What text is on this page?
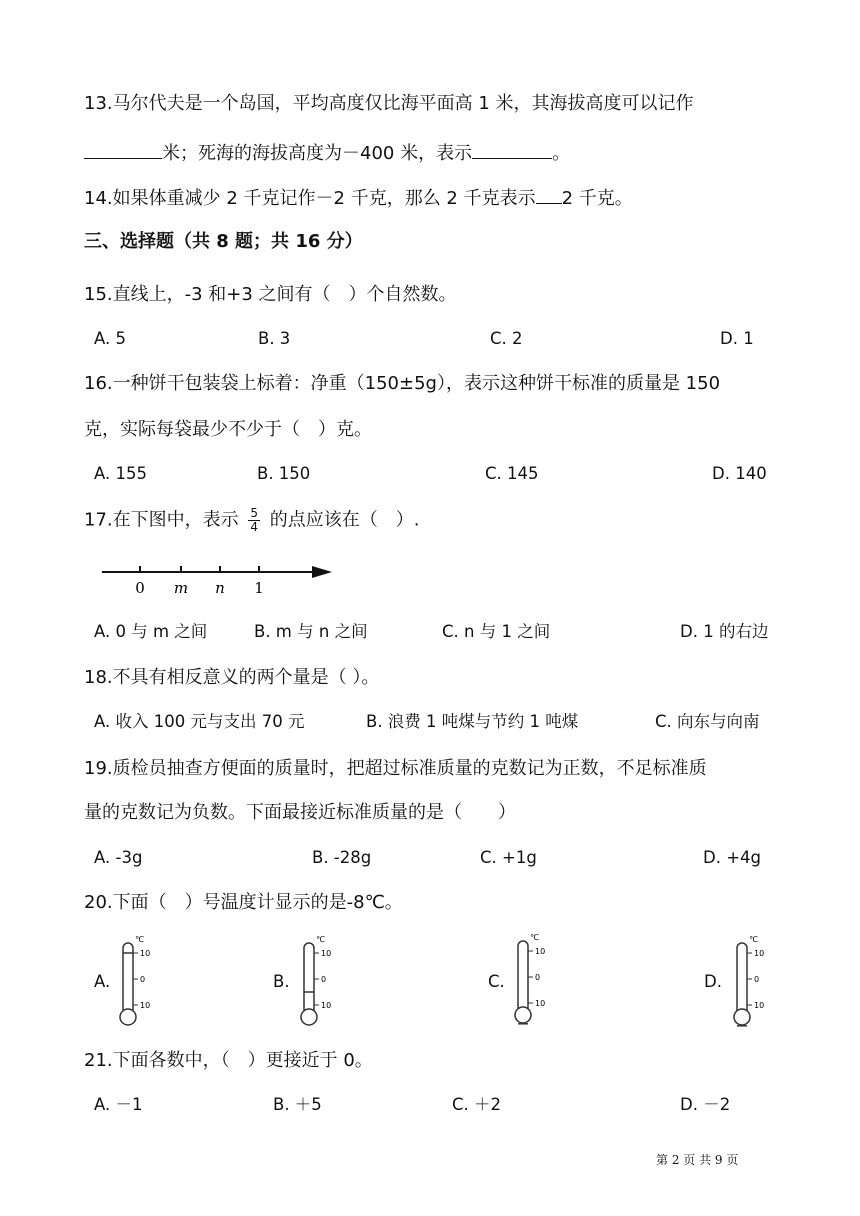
13.马尔代夫是一个岛国，平均高度仅比海平面高 1 米，其海拔高度可以记作
米；死海的海拔高度为－400 米，表示	。
14.如果体重减少 2 千克记作－2 千克，那么 2 千克表示 2 千克。
三、选择题（共 8 题；共 16 分）
15.直线上，-3 和+3 之间有（　）个自然数。
A. 5	B. 3	C. 2	D. 1
16.一种饼干包装袋上标着：净重（150±5g），表示这种饼干标准的质量是 150
克，实际每袋最少不少于（　）克。
A. 155	B. 150	C. 145	D. 140
17.在下图中，表示 $\frac{5}{4}$ 的点应该在（　）.
0 m n 1
A. 0 与 m 之间	B. m 与 n 之间	C. n 与 1 之间	D. 1 的右边
18.不具有相反意义的两个量是（ ）。
A. 收入 100 元与支出 70 元	B. 浪费 1 吨煤与节约 1 吨煤	C. 向东与向南
19.质检员抽查方便面的质量时，把超过标准质量的克数记为正数，不足标准质
量的克数记为负数。下面最接近标准质量的是（　　）
A. -3g	B. -28g	C. +1g	D. +4g
20.下面（　）号温度计显示的是-8℃。
A.	B.	C.	D.
10
0
10
℃
10
0
10
℃
10
0
10
℃
10
0
10
℃
21.下面各数中，（　）更接近于 0。
A. －1	B. ＋5	C. ＋2	D. －2
第 2 页 共 9 页
